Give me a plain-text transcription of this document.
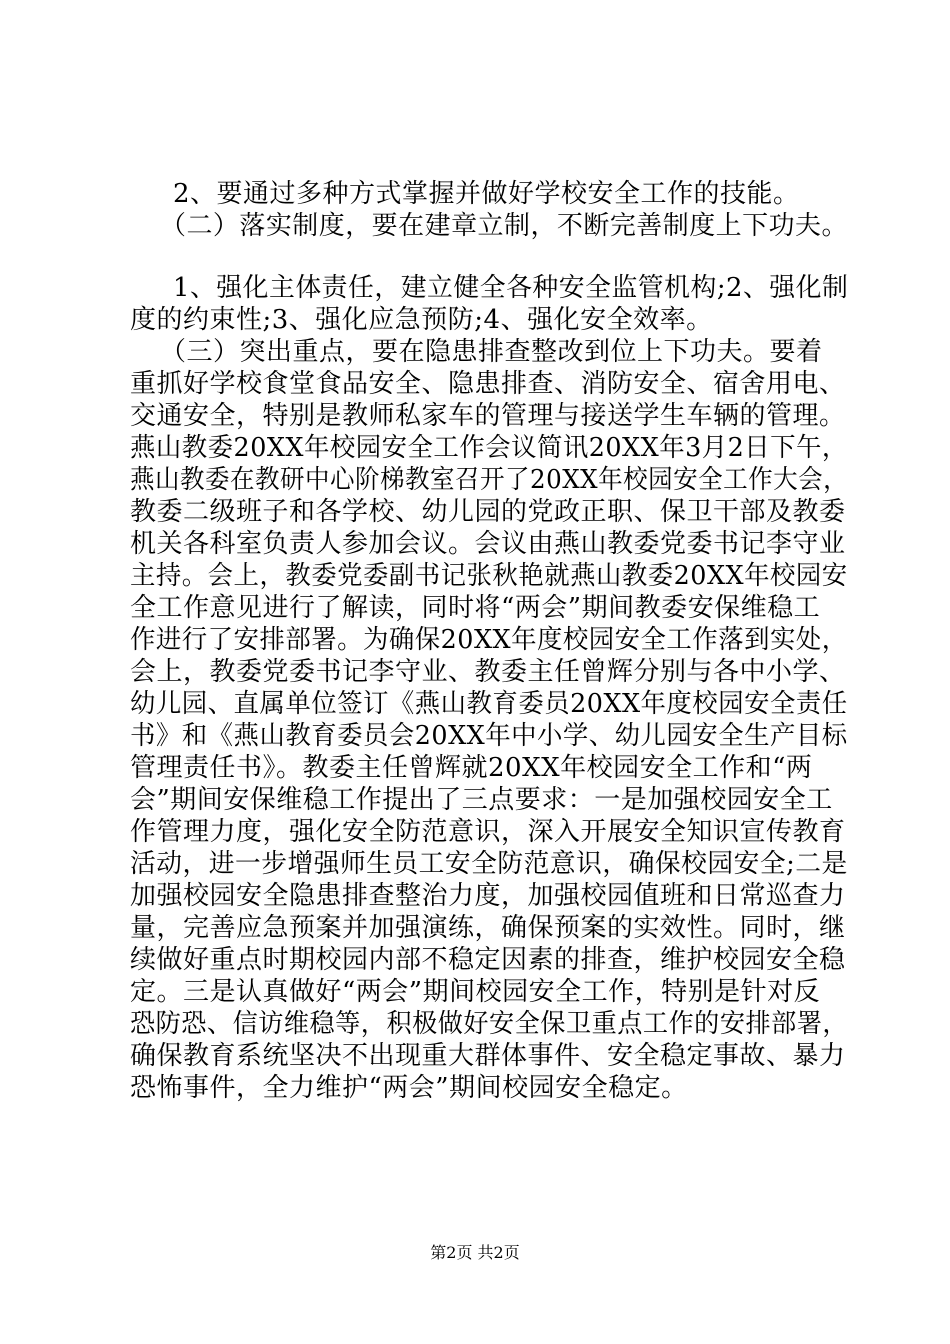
2、要通过多种方式掌握并做好学校安全工作的技能。
（二）落实制度，要在建章立制，不断完善制度上下功夫。
1、强化主体责任，建立健全各种安全监管机构;2、强化制
度的约束性;3、强化应急预防;4、强化安全效率。
（三）突出重点，要在隐患排查整改到位上下功夫。要着
重抓好学校食堂食品安全、隐患排查、消防安全、宿舍用电、
交通安全，特别是教师私家车的管理与接送学生车辆的管理。
燕山教委20XX年校园安全工作会议简讯20XX年3月2日下午，
燕山教委在教研中心阶梯教室召开了20XX年校园安全工作大会，
教委二级班子和各学校、幼儿园的党政正职、保卫干部及教委
机关各科室负责人参加会议。会议由燕山教委党委书记李守业
主持。会上，教委党委副书记张秋艳就燕山教委20XX年校园安
全工作意见进行了解读，同时将“两会”期间教委安保维稳工
作进行了安排部署。为确保20XX年度校园安全工作落到实处，
会上，教委党委书记李守业、教委主任曾辉分别与各中小学、
幼儿园、直属单位签订《燕山教育委员20XX年度校园安全责任
书》和《燕山教育委员会20XX年中小学、幼儿园安全生产目标
管理责任书》。教委主任曾辉就20XX年校园安全工作和“两
会”期间安保维稳工作提出了三点要求：一是加强校园安全工
作管理力度，强化安全防范意识，深入开展安全知识宣传教育
活动，进一步增强师生员工安全防范意识，确保校园安全;二是
加强校园安全隐患排查整治力度，加强校园值班和日常巡查力
量，完善应急预案并加强演练，确保预案的实效性。同时，继
续做好重点时期校园内部不稳定因素的排查，维护校园安全稳
定。三是认真做好“两会”期间校园安全工作，特别是针对反
恐防恐、信访维稳等，积极做好安全保卫重点工作的安排部署，
确保教育系统坚决不出现重大群体事件、安全稳定事故、暴力
恐怖事件，全力维护“两会”期间校园安全稳定。
第2页 共2页
